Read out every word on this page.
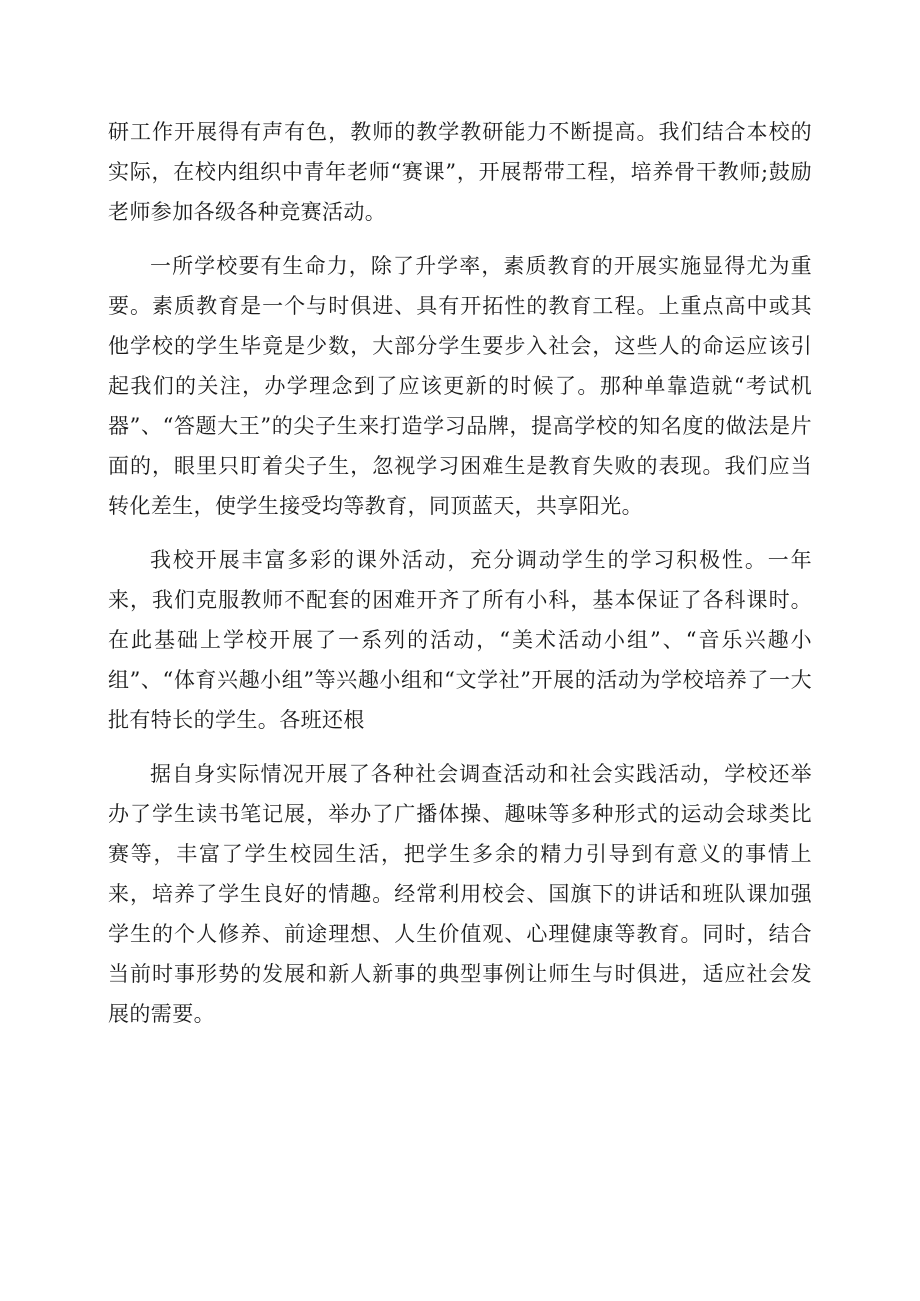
研工作开展得有声有色，教师的教学教研能力不断提高。我们结合本校的实际，在校内组织中青年老师“赛课”，开展帮带工程，培养骨干教师;鼓励老师参加各级各种竞赛活动。

一所学校要有生命力，除了升学率，素质教育的开展实施显得尤为重要。素质教育是一个与时俱进、具有开拓性的教育工程。上重点高中或其他学校的学生毕竟是少数，大部分学生要步入社会，这些人的命运应该引起我们的关注，办学理念到了应该更新的时候了。那种单靠造就“考试机器”、“答题大王”的尖子生来打造学习品牌，提高学校的知名度的做法是片面的，眼里只盯着尖子生，忽视学习困难生是教育失败的表现。我们应当转化差生，使学生接受均等教育，同顶蓝天，共享阳光。

我校开展丰富多彩的课外活动，充分调动学生的学习积极性。一年来，我们克服教师不配套的困难开齐了所有小科，基本保证了各科课时。在此基础上学校开展了一系列的活动，“美术活动小组”、“音乐兴趣小组”、“体育兴趣小组”等兴趣小组和“文学社”开展的活动为学校培养了一大批有特长的学生。各班还根

据自身实际情况开展了各种社会调查活动和社会实践活动，学校还举办了学生读书笔记展，举办了广播体操、趣味等多种形式的运动会球类比赛等，丰富了学生校园生活，把学生多余的精力引导到有意义的事情上来，培养了学生良好的情趣。经常利用校会、国旗下的讲话和班队课加强学生的个人修养、前途理想、人生价值观、心理健康等教育。同时，结合当前时事形势的发展和新人新事的典型事例让师生与时俱进，适应社会发展的需要。
